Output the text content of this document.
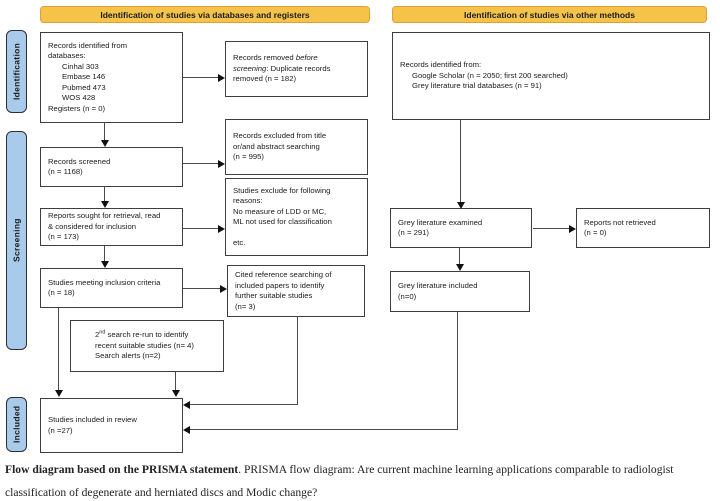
Identification of studies via databases and registers	Identification of studies via other methods
Identification
Screening
Included
Records identified from
databases:
Cinhal 303
Embase 146
Pubmed 473
WOS 428
Registers (n = 0)
Records screened
(n = 1168)
Reports sought for retrieval, read
& considered for inclusion
(n = 173)
Studies meeting inclusion criteria
(n = 18)
2nd search re-run to identify
recent suitable studies (n= 4)
Search alerts (n=2)
Studies included in review
(n =27)
Records removed before
screening: Duplicate records
removed (n = 182)
Records excluded from title
or/and abstract searching
(n = 995)
Studies exclude for following
reasons:
No measure of LDD or MC,
ML not used for classification
etc.
Cited reference searching of
included papers to identify
further suitable studies
(n= 3)
Records identified from:
Google Scholar (n = 2050; first 200 searched)
Grey literature trial databases (n = 91)
Grey literature examined
(n = 291)
Reports not retrieved
(n = 0)
Grey literature included
(n=0)
Flow diagram based on the PRISMA statement. PRISMA flow diagram: Are current machine learning applications comparable to radiologist classification of degenerate and herniated discs and Modic change?
